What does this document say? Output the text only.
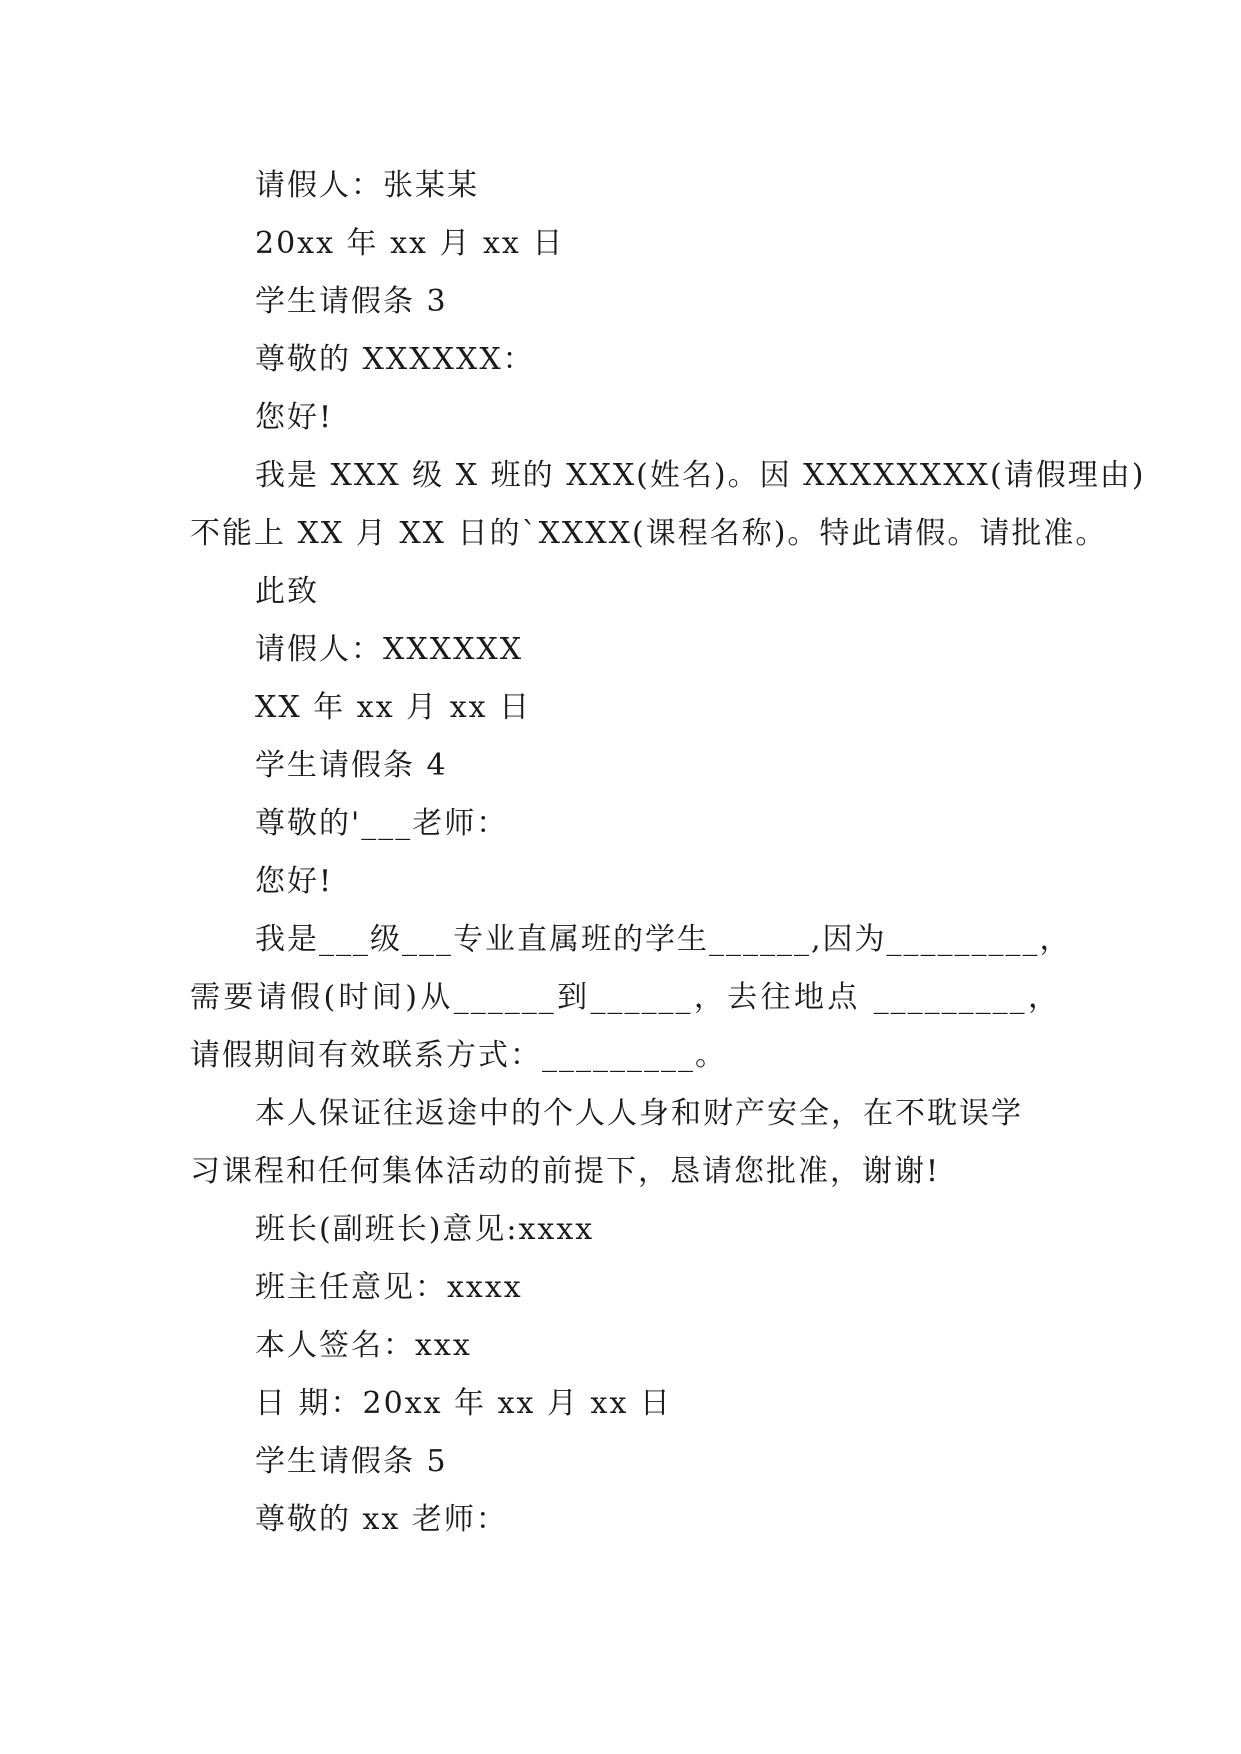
请假人：张某某
20xx 年 xx 月 xx 日
学生请假条 3
尊敬的 XXXXXX：
您好!
我是 XXX 级 X 班的 XXX(姓名)。因 XXXXXXXX(请假理由)
不能上 XX 月 XX 日的`XXXX(课程名称)。特此请假。请批准。
此致
请假人：XXXXXX
XX 年 xx 月 xx 日
学生请假条 4
尊敬的'___老师：
您好!
我是___级___专业直属班的学生______,因为_________，
需要请假(时间)从______到______，去往地点 _________，
请假期间有效联系方式：_________。
本人保证往返途中的个人人身和财产安全，在不耽误学
习课程和任何集体活动的前提下，恳请您批准，谢谢!
班长(副班长)意见:xxxx
班主任意见：xxxx
本人签名：xxx
日 期：20xx 年 xx 月 xx 日
学生请假条 5
尊敬的 xx 老师：
